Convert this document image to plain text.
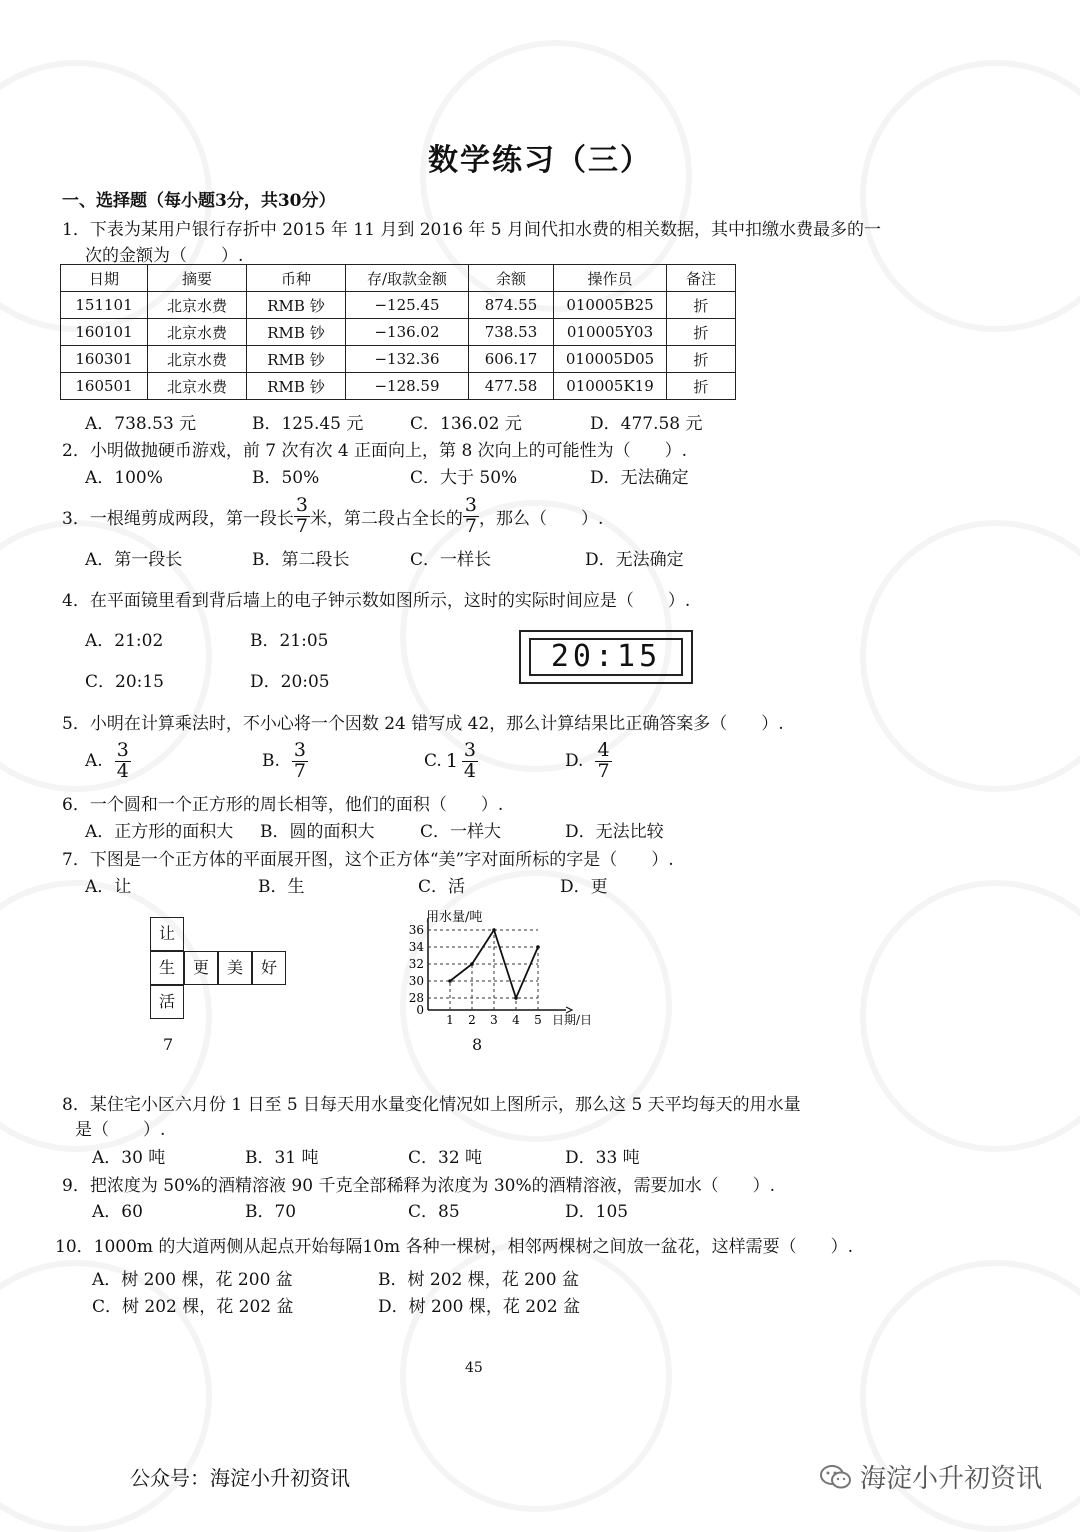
数学练习（三）
一、选择题（每小题3分，共30分）
1．下表为某用户银行存折中 2015 年 11 月到 2016 年 5 月间代扣水费的相关数据，其中扣缴水费最多的一
次的金额为（　　）.
日期	摘要	币种	存/取款金额	余额	操作员	备注
151101	北京水费	RMB 钞	−125.45	874.55	010005B25	折
160101	北京水费	RMB 钞	−136.02	738.53	010005Y03	折
160301	北京水费	RMB 钞	−132.36	606.17	010005D05	折
160501	北京水费	RMB 钞	−128.59	477.58	010005K19	折
A．738.53 元	B．125.45 元	C．136.02 元	D．477.58 元
2．小明做抛硬币游戏，前 7 次有次 4 正面向上，第 8 次向上的可能性为（　　）.
A．100%	B．50%	C．大于 50%	D．无法确定
3．一根绳剪成两段，第一段长 $\frac{3}{7}$ 米，第二段占全长的 $\frac{3}{7}$ ，那么（　　）.
A．第一段长	B．第二段长	C．一样长	D．无法确定
4．在平面镜里看到背后墙上的电子钟示数如图所示，这时的实际时间应是（　　）.
A．21:02	B．21:05
C．20:15	D．20:05
20:15
5．小明在计算乘法时，不小心将一个因数 24 错写成 42，那么计算结果比正确答案多（　　）.
A. $\frac{3}{4}$	B. $\frac{3}{7}$	C. $1 \frac{3}{4}$	D. $\frac{4}{7}$
6．一个圆和一个正方形的周长相等，他们的面积（　　）.
A．正方形的面积大 B．圆的面积大	C．一样大	D．无法比较
7．下图是一个正方体的平面展开图，这个正方体“美”字对面所标的字是（　　）.
A．让	B．生	C．活	D．更
让
生	更	美	好
活
7
0
28
30
32
34
36
1 2 3 4 5
用水量/吨
日期/日
8
8．某住宅小区六月份 1 日至 5 日每天用水量变化情况如上图所示，那么这 5 天平均每天的用水量
是（　　）.
A．30 吨	B．31 吨	C．32 吨	D．33 吨
9．把浓度为 50%的酒精溶液 90 千克全部稀释为浓度为 30%的酒精溶液，需要加水（　　）.
A．60	B．70	C．85	D．105
10．1000m 的大道两侧从起点开始每隔10m 各种一棵树，相邻两棵树之间放一盆花，这样需要（　　）.
A．树 200 棵，花 200 盆	B．树 202 棵，花 200 盆
C．树 202 棵，花 202 盆	D．树 200 棵，花 202 盆
45
公众号：海淀小升初资讯	海淀小升初资讯
